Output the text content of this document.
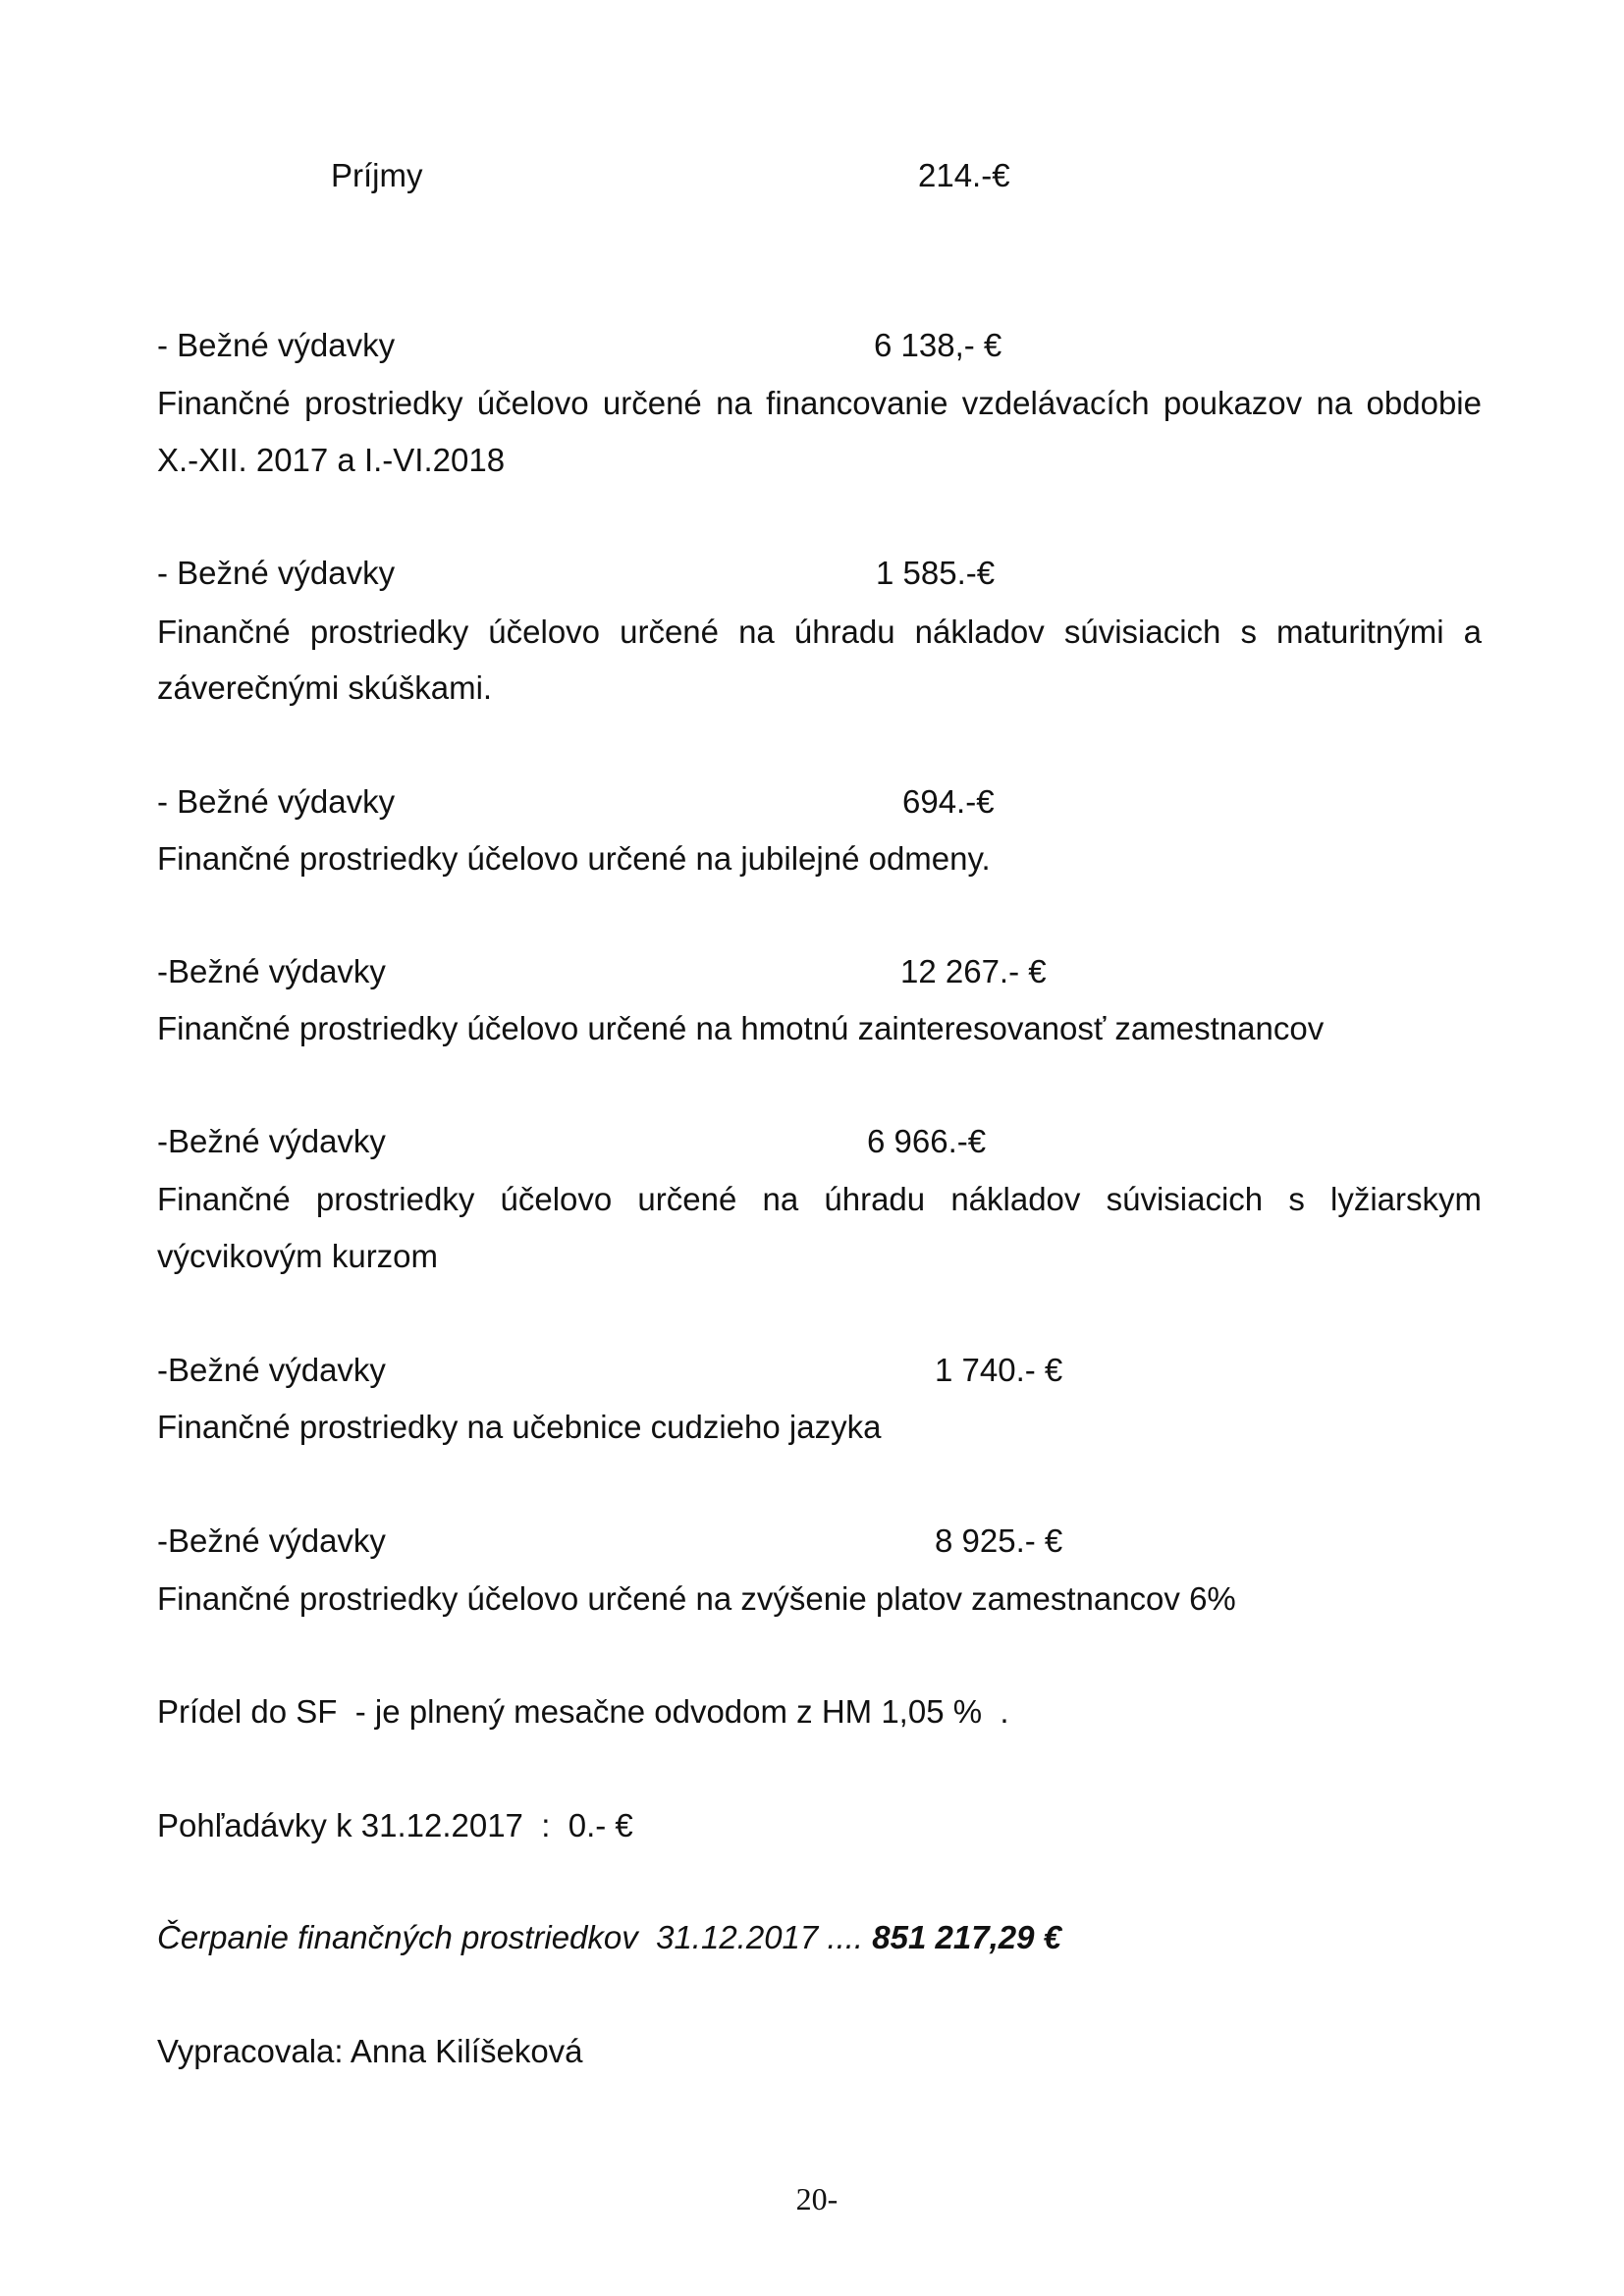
Príjmy	214.-€
- Bežné výdavky	6 138,- €
Finančné prostriedky účelovo určené na financovanie vzdelávacích poukazov na obdobie
X.-XII. 2017 a I.-VI.2018
- Bežné výdavky	1 585.-€
Finančné prostriedky účelovo určené na úhradu nákladov súvisiacich s maturitnými a
záverečnými skúškami.
- Bežné výdavky	694.-€
Finančné prostriedky účelovo určené na jubilejné odmeny.
-Bežné výdavky	12 267.- €
Finančné prostriedky účelovo určené na hmotnú zainteresovanosť zamestnancov
-Bežné výdavky	6 966.-€
Finančné prostriedky účelovo určené na úhradu nákladov súvisiacich s lyžiarskym
výcvikovým kurzom
-Bežné výdavky	1 740.- €
Finančné prostriedky na učebnice cudzieho jazyka
-Bežné výdavky	8 925.- €
Finančné prostriedky účelovo určené na zvýšenie platov zamestnancov 6%
Prídel do SF  - je plnený mesačne odvodom z HM 1,05 %  .
Pohľadávky k 31.12.2017  :  0.- €
Čerpanie finančných prostriedkov  31.12.2017 .... 851 217,29 €
Vypracovala: Anna Kilíšeková
20-
